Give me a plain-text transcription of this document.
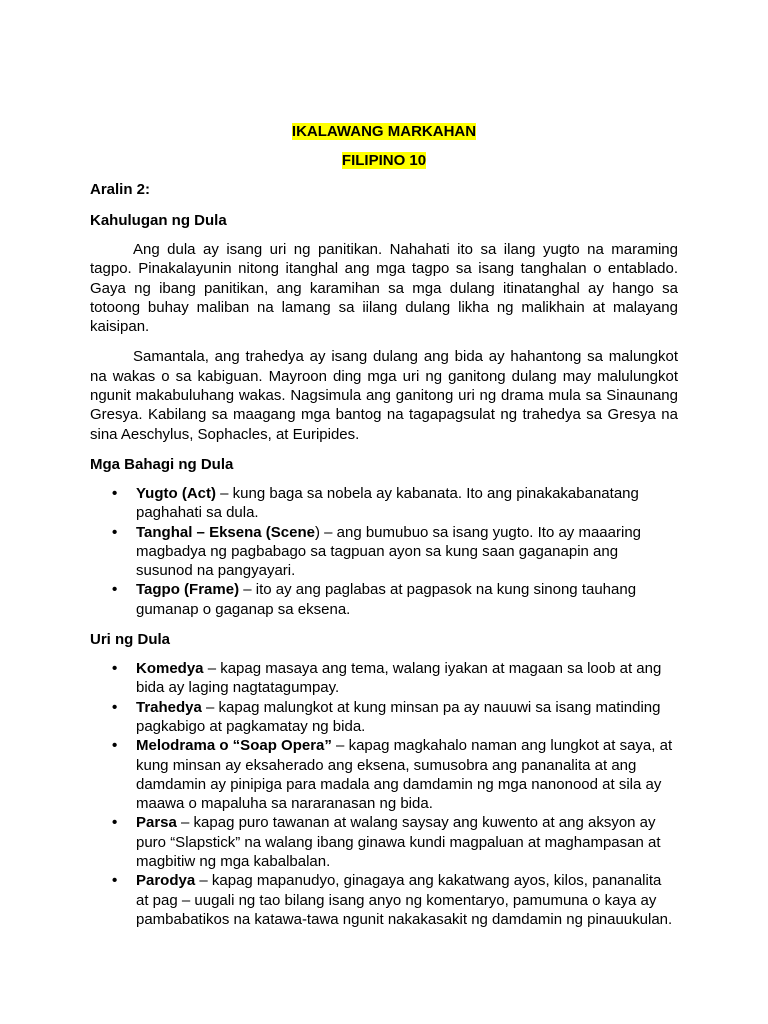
IKALAWANG MARKAHAN
FILIPINO 10
Aralin 2:
Kahulugan ng Dula

Ang dula ay isang uri ng panitikan. Nahahati ito sa ilang yugto na maraming tagpo. Pinakalayunin nitong itanghal ang mga tagpo sa isang tanghalan o entablado. Gaya ng ibang panitikan, ang karamihan sa mga dulang itinatanghal ay hango sa totoong buhay maliban na lamang sa iilang dulang likha ng malikhain at malayang kaisipan.

Samantala, ang trahedya ay isang dulang ang bida ay hahantong sa malungkot na wakas o sa kabiguan. Mayroon ding mga uri ng ganitong dulang may malulungkot ngunit makabuluhang wakas. Nagsimula ang ganitong uri ng drama mula sa Sinaunang Gresya. Kabilang sa maagang mga bantog na tagapagsulat ng trahedya sa Gresya na sina Aeschylus, Sophacles, at Euripides.

Mga Bahagi ng Dula
• Yugto (Act) – kung baga sa nobela ay kabanata. Ito ang pinakakabanatang paghahati sa dula.
• Tanghal – Eksena (Scene) – ang bumubuo sa isang yugto. Ito ay maaaring magbadya ng pagbabago sa tagpuan ayon sa kung saan gaganapin ang susunod na pangyayari.
• Tagpo (Frame) – ito ay ang paglabas at pagpasok na kung sinong tauhang gumanap o gaganap sa eksena.
Uri ng Dula
• Komedya – kapag masaya ang tema, walang iyakan at magaan sa loob at ang bida ay laging nagtatagumpay.
• Trahedya – kapag malungkot at kung minsan pa ay nauuwi sa isang matinding pagkabigo at pagkamatay ng bida.
• Melodrama o “Soap Opera” – kapag magkahalo naman ang lungkot at saya, at kung minsan ay eksaherado ang eksena, sumusobra ang pananalita at ang damdamin ay pinipiga para madala ang damdamin ng mga nanonood at sila ay maawa o mapaluha sa nararanasan ng bida.
• Parsa – kapag puro tawanan at walang saysay ang kuwento at ang aksyon ay puro “Slapstick” na walang ibang ginawa kundi magpaluan at maghampasan at magbitiw ng mga kabalbalan.
• Parodya – kapag mapanudyo, ginagaya ang kakatwang ayos, kilos, pananalita at pag – uugali ng tao bilang isang anyo ng komentaryo, pamumuna o kaya ay pambabatikos na katawa-tawa ngunit nakakasakit ng damdamin ng pinauukulan.
